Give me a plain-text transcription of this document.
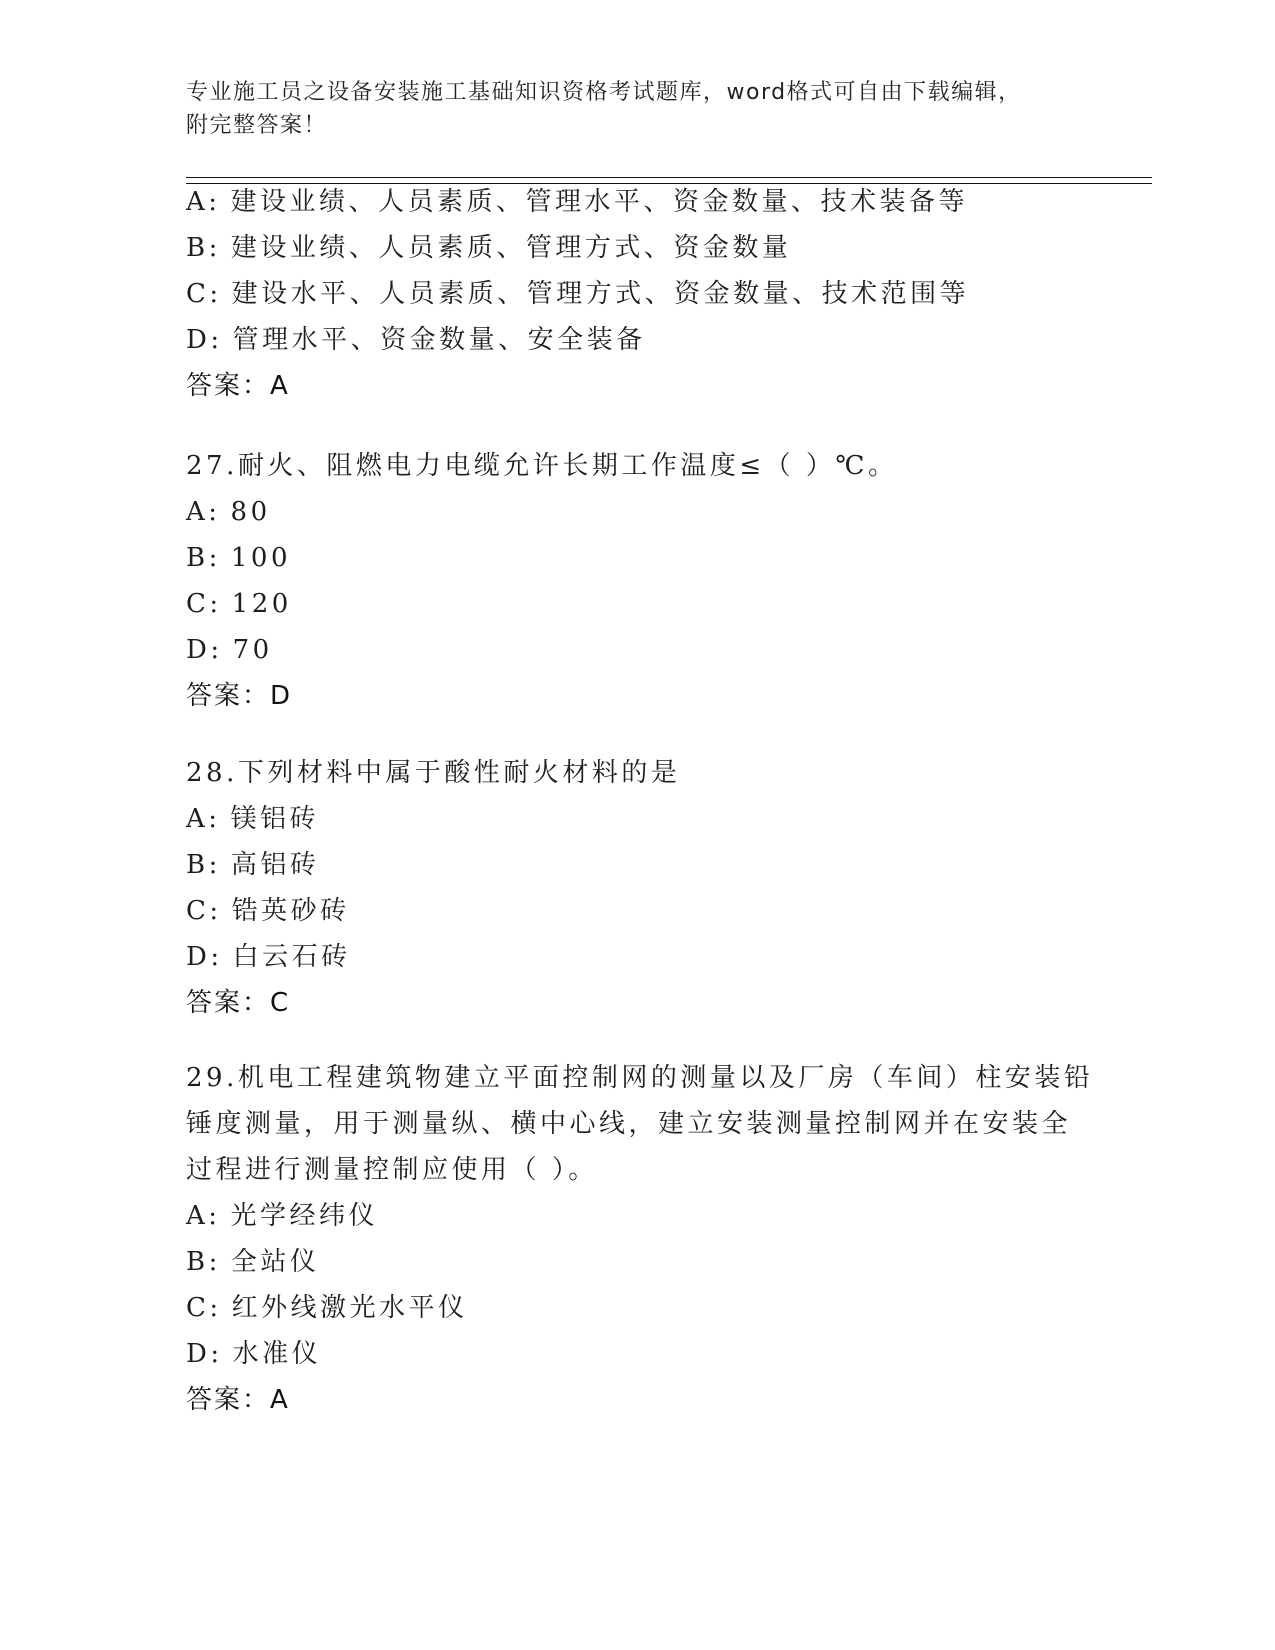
专业施工员之设备安装施工基础知识资格考试题库，word格式可自由下载编辑，
附完整答案！
A: 建设业绩、人员素质、管理水平、资金数量、技术装备等
B: 建设业绩、人员素质、管理方式、资金数量
C: 建设水平、人员素质、管理方式、资金数量、技术范围等
D: 管理水平、资金数量、安全装备
答案：A
27.耐火、阻燃电力电缆允许长期工作温度≤（ ）℃。
A: 80
B: 100
C: 120
D: 70
答案：D
28.下列材料中属于酸性耐火材料的是
A: 镁铝砖
B: 高铝砖
C: 锆英砂砖
D: 白云石砖
答案：C
29.机电工程建筑物建立平面控制网的测量以及厂房（车间）柱安装铅
锤度测量，用于测量纵、横中心线，建立安装测量控制网并在安装全
过程进行测量控制应使用（ ）。
A: 光学经纬仪
B: 全站仪
C: 红外线激光水平仪
D: 水准仪
答案：A
